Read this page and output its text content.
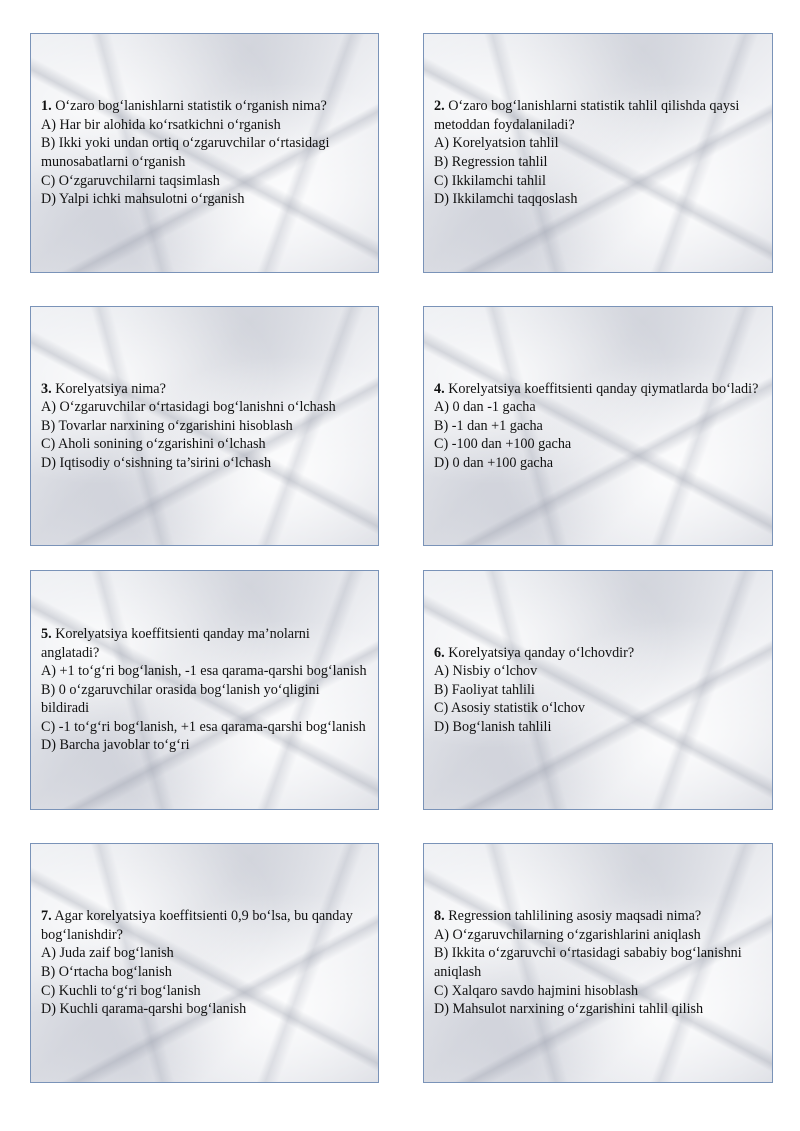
1. O‘zaro bog‘lanishlarni statistik o‘rganish nima?
A) Har bir alohida ko‘rsatkichni o‘rganish
B) Ikki yoki undan ortiq o‘zgaruvchilar o‘rtasidagi munosabatlarni o‘rganish
C) O‘zgaruvchilarni taqsimlash
D) Yalpi ichki mahsulotni o‘rganish
2. O‘zaro bog‘lanishlarni statistik tahlil qilishda qaysi metoddan foydalaniladi?
A) Korelyatsion tahlil
B) Regression tahlil
C) Ikkilamchi tahlil
D) Ikkilamchi taqqoslash
3. Korelyatsiya nima?
A) O‘zgaruvchilar o‘rtasidagi bog‘lanishni o‘lchash
B) Tovarlar narxining o‘zgarishini hisoblash
C) Aholi sonining o‘zgarishini o‘lchash
D) Iqtisodiy o‘sishning ta’sirini o‘lchash
4. Korelyatsiya koeffitsienti qanday qiymatlarda bo‘ladi?
A) 0 dan -1 gacha
B) -1 dan +1 gacha
C) -100 dan +100 gacha
D) 0 dan +100 gacha
5. Korelyatsiya koeffitsienti qanday ma’nolarni anglatadi?
A) +1 to‘g‘ri bog‘lanish, -1 esa qarama-qarshi bog‘lanish
B) 0 o‘zgaruvchilar orasida bog‘lanish yo‘qligini bildiradi
C) -1 to‘g‘ri bog‘lanish, +1 esa qarama-qarshi bog‘lanish
D) Barcha javoblar to‘g‘ri
6. Korelyatsiya qanday o‘lchovdir?
A) Nisbiy o‘lchov
B) Faoliyat tahlili
C) Asosiy statistik o‘lchov
D) Bog‘lanish tahlili
7. Agar korelyatsiya koeffitsienti 0,9 bo‘lsa, bu qanday bog‘lanishdir?
A) Juda zaif bog‘lanish
B) O‘rtacha bog‘lanish
C) Kuchli to‘g‘ri bog‘lanish
D) Kuchli qarama-qarshi bog‘lanish
8. Regression tahlilining asosiy maqsadi nima?
A) O‘zgaruvchilarning o‘zgarishlarini aniqlash
B) Ikkita o‘zgaruvchi o‘rtasidagi sababiy bog‘lanishni aniqlash
C) Xalqaro savdo hajmini hisoblash
D) Mahsulot narxining o‘zgarishini tahlil qilish
